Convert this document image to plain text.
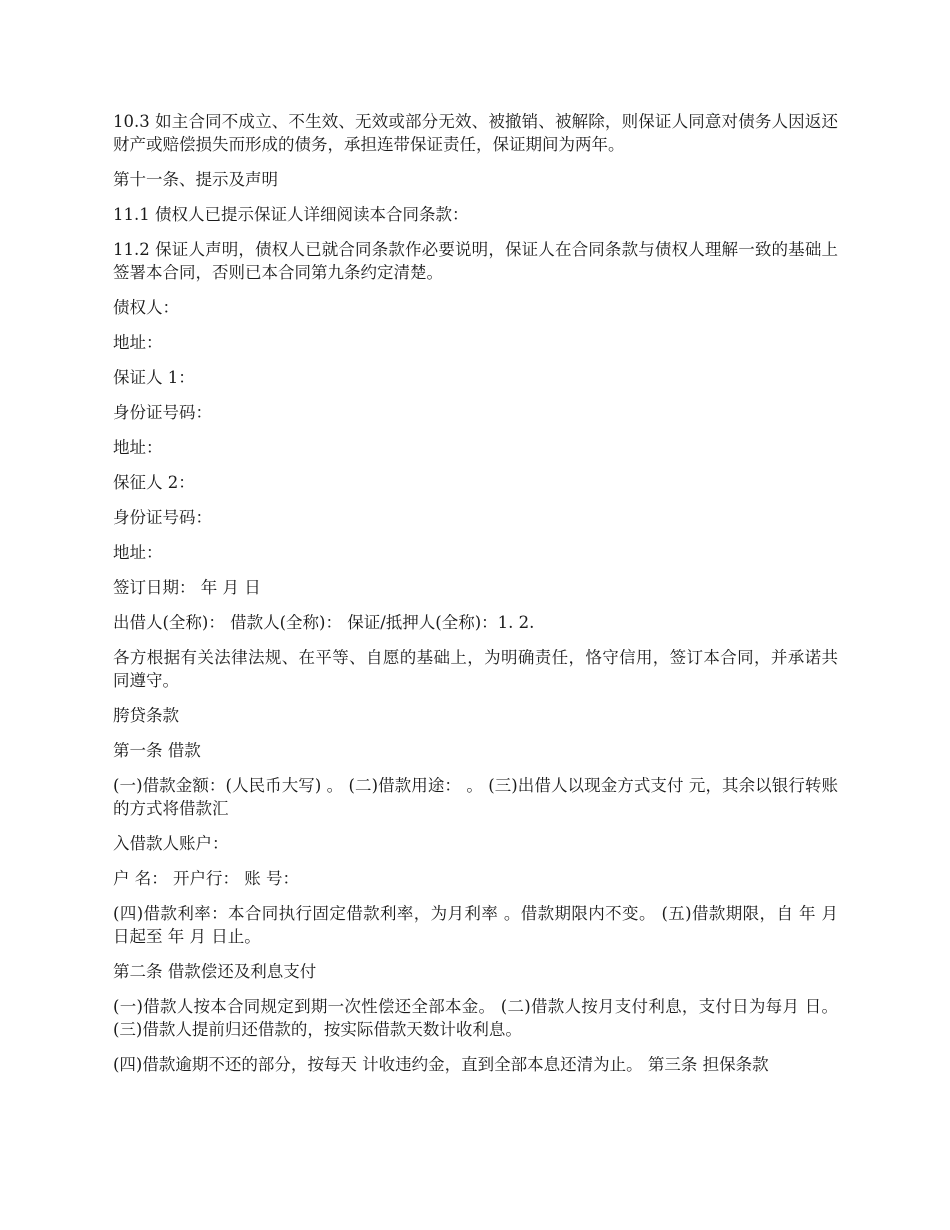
10.3 如主合同不成立、不生效、无效或部分无效、被撤销、被解除，则保证人同意对债务人因返还财产或赔偿损失而形成的债务，承担连带保证责任，保证期间为两年。

第十一条、提示及声明

11.1 债权人已提示保证人详细阅读本合同条款：

11.2 保证人声明，债权人已就合同条款作必要说明，保证人在合同条款与债权人理解一致的基础上签署本合同，否则已本合同第九条约定清楚。

债权人：

地址：

保证人 1：

身份证号码：

地址：

保征人 2：

身份证号码：

地址：

签订日期： 年 月 日

出借人(全称)： 借款人(全称)： 保证/抵押人(全称)：1. 2.

各方根据有关法律法规、在平等、自愿的基础上，为明确责任，恪守信用，签订本合同，并承诺共同遵守。

胯贷条款

第一条 借款

(一)借款金额：(人民币大写) 。 (二)借款用途： 。 (三)出借人以现金方式支付 元，其余以银行转账的方式将借款汇

入借款人账户：

户 名： 开户行： 账 号：

(四)借款利率：本合同执行固定借款利率，为月利率 。借款期限内不变。 (五)借款期限，自 年 月 日起至 年 月 日止。

第二条 借款偿还及利息支付

(一)借款人按本合同规定到期一次性偿还全部本金。 (二)借款人按月支付利息，支付日为每月 日。 (三)借款人提前归还借款的，按实际借款天数计收利息。

(四)借款逾期不还的部分，按每天 计收违约金，直到全部本息还清为止。 第三条 担保条款
